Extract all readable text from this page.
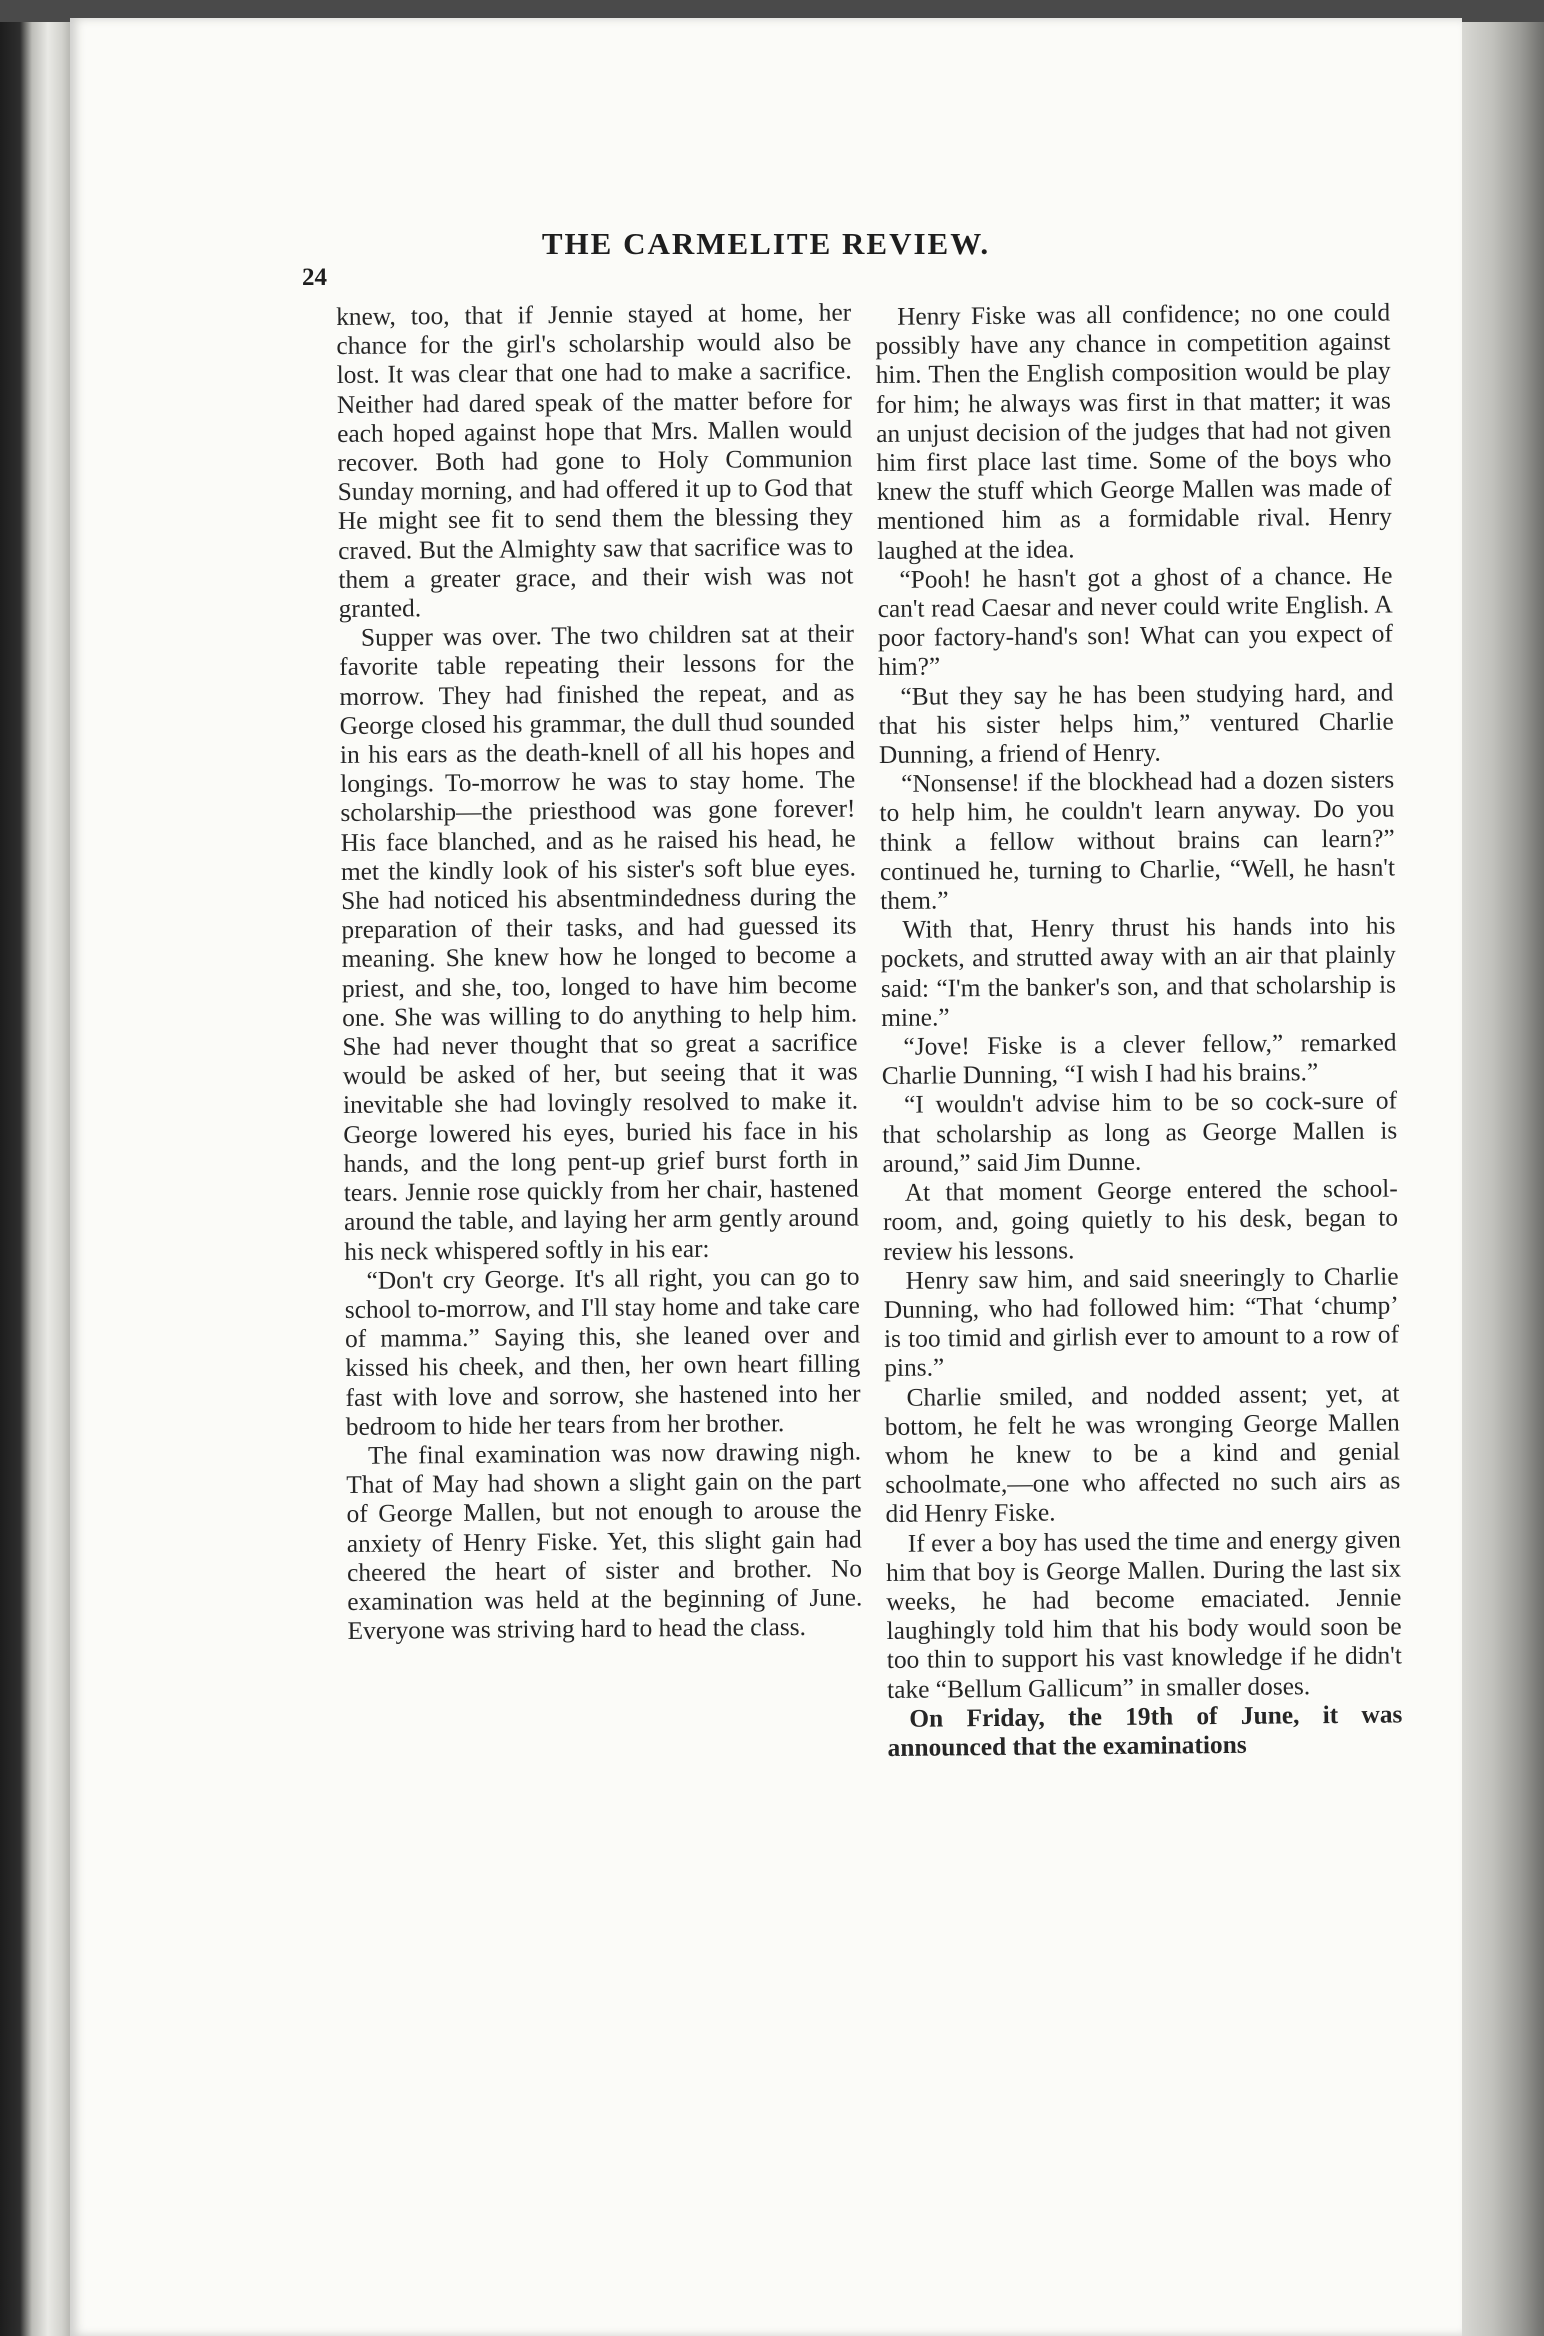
THE CARMELITE REVIEW.
24

knew, too, that if Jennie stayed at home, her chance for the girl's scholarship would also be lost. It was clear that one had to make a sacrifice. Neither had dared speak of the matter before for each hoped against hope that Mrs. Mallen would recover. Both had gone to Holy Communion Sunday morning, and had offered it up to God that He might see fit to send them the blessing they craved. But the Almighty saw that sacrifice was to them a greater grace, and their wish was not granted.

Supper was over. The two children sat at their favorite table repeating their lessons for the morrow. They had finished the repeat, and as George closed his grammar, the dull thud sounded in his ears as the death-knell of all his hopes and longings. To-morrow he was to stay home. The scholarship—the priesthood was gone forever! His face blanched, and as he raised his head, he met the kindly look of his sister's soft blue eyes. She had noticed his absentmindedness during the preparation of their tasks, and had guessed its meaning. She knew how he longed to become a priest, and she, too, longed to have him become one. She was willing to do anything to help him. She had never thought that so great a sacrifice would be asked of her, but seeing that it was inevitable she had lovingly resolved to make it. George lowered his eyes, buried his face in his hands, and the long pent-up grief burst forth in tears. Jennie rose quickly from her chair, hastened around the table, and laying her arm gently around his neck whispered softly in his ear:

“Don't cry George. It's all right, you can go to school to-morrow, and I'll stay home and take care of mamma.” Saying this, she leaned over and kissed his cheek, and then, her own heart filling fast with love and sorrow, she hastened into her bedroom to hide her tears from her brother.

The final examination was now drawing nigh. That of May had shown a slight gain on the part of George Mallen, but not enough to arouse the anxiety of Henry Fiske. Yet, this slight gain had cheered the heart of sister and brother. No examination was held at the beginning of June. Everyone was striving hard to head the class.

Henry Fiske was all confidence; no one could possibly have any chance in competition against him. Then the English composition would be play for him; he always was first in that matter; it was an unjust decision of the judges that had not given him first place last time. Some of the boys who knew the stuff which George Mallen was made of mentioned him as a formidable rival. Henry laughed at the idea.

“Pooh! he hasn't got a ghost of a chance. He can't read Caesar and never could write English. A poor factory-hand's son! What can you expect of him?”

“But they say he has been studying hard, and that his sister helps him,” ventured Charlie Dunning, a friend of Henry.

“Nonsense! if the blockhead had a dozen sisters to help him, he couldn't learn anyway. Do you think a fellow without brains can learn?” continued he, turning to Charlie, “Well, he hasn't them.”

With that, Henry thrust his hands into his pockets, and strutted away with an air that plainly said: “I'm the banker's son, and that scholarship is mine.”

“Jove! Fiske is a clever fellow,” remarked Charlie Dunning, “I wish I had his brains.”

“I wouldn't advise him to be so cock-sure of that scholarship as long as George Mallen is around,” said Jim Dunne.

At that moment George entered the school-room, and, going quietly to his desk, began to review his lessons.

Henry saw him, and said sneeringly to Charlie Dunning, who had followed him: “That ‘chump’ is too timid and girlish ever to amount to a row of pins.”

Charlie smiled, and nodded assent; yet, at bottom, he felt he was wronging George Mallen whom he knew to be a kind and genial schoolmate,—one who affected no such airs as did Henry Fiske.

If ever a boy has used the time and energy given him that boy is George Mallen. During the last six weeks, he had become emaciated. Jennie laughingly told him that his body would soon be too thin to support his vast knowledge if he didn't take “Bellum Gallicum” in smaller doses.

On Friday, the 19th of June, it was announced that the examinations
